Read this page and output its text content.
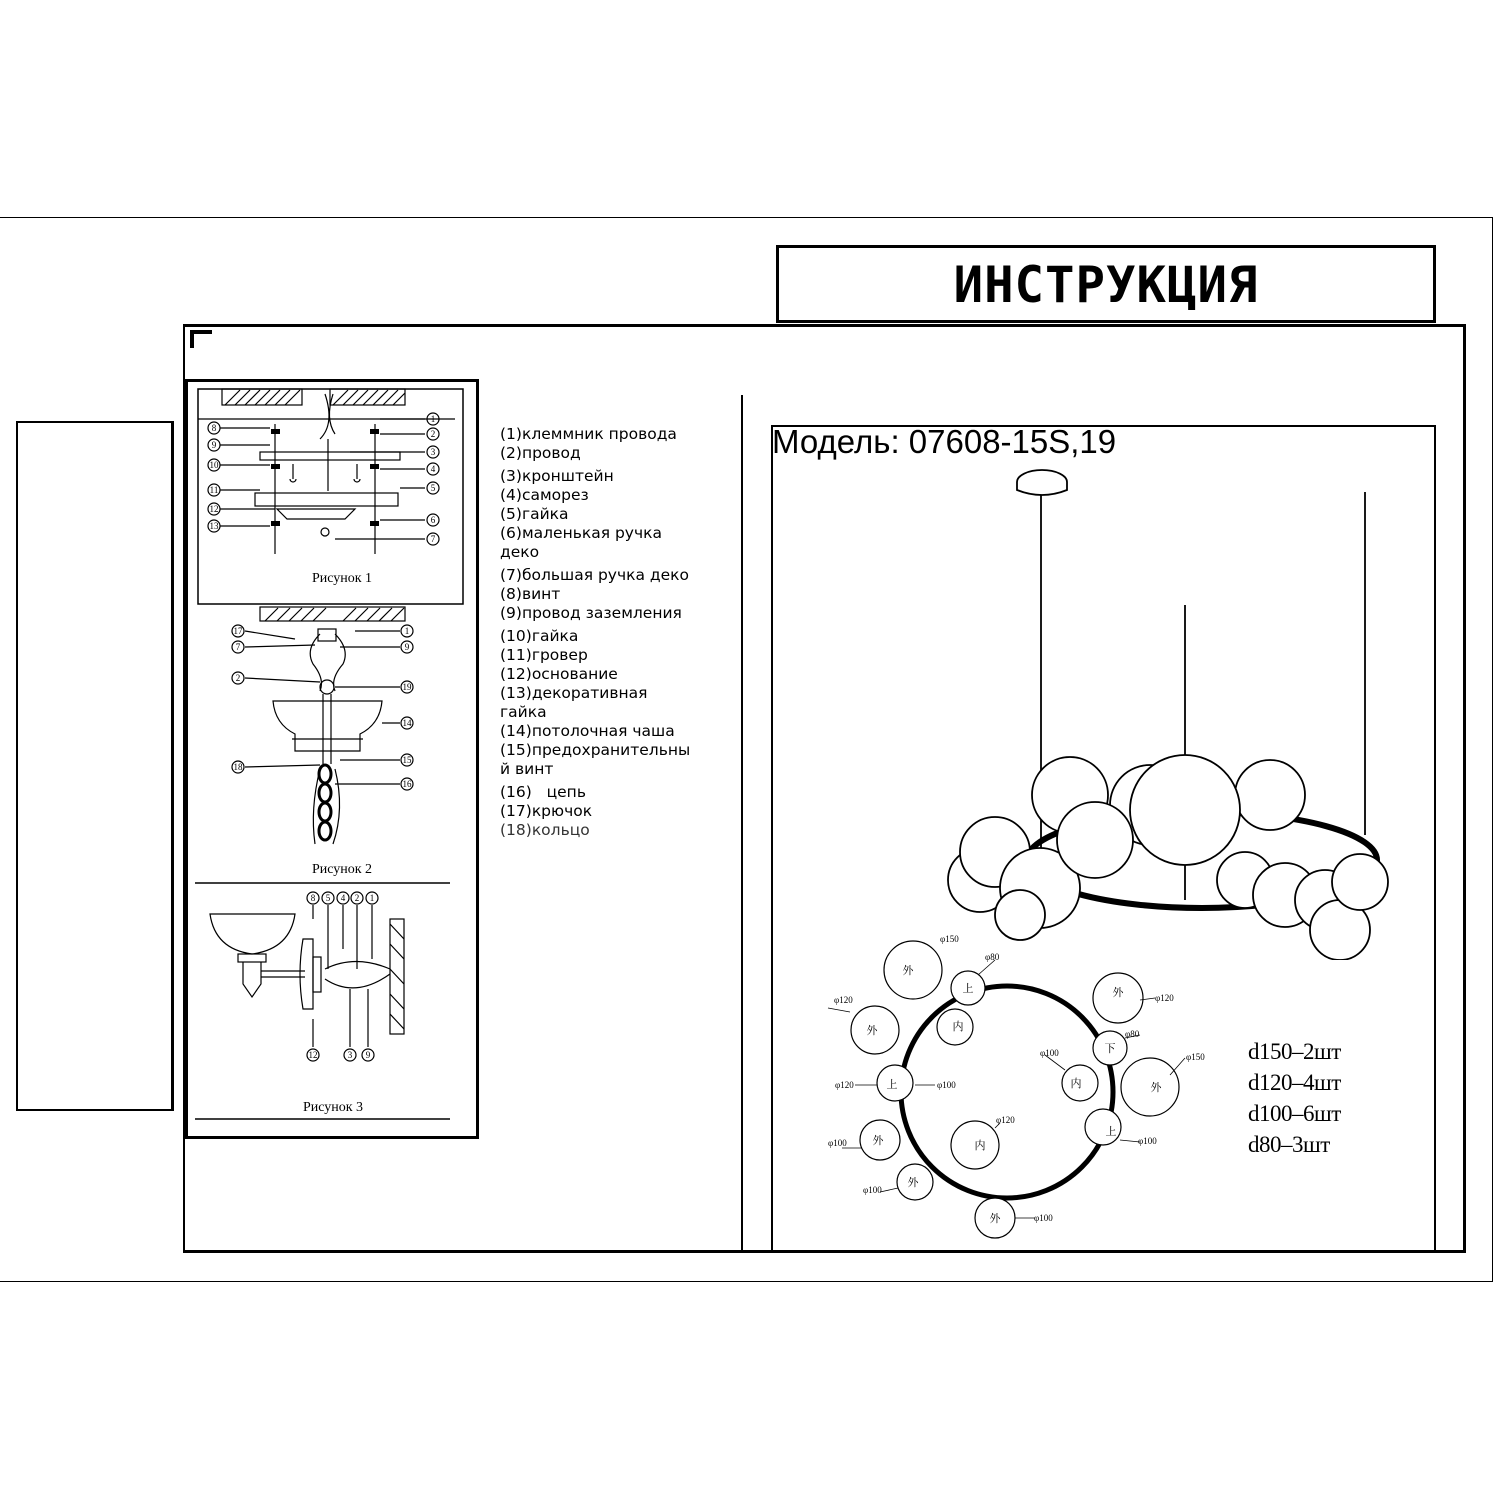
ИНСТРУКЦИЯ
8
9
10
11
12
13
1
2
3
4
5
6
7
Рисунок 1
17
7
2
18
1
9
19
14
15
16
Рисунок 2
8 5 4 2 1
12	3 9
Рисунок 3
(1)клеммник провода
(2)провод
(3)кронштейн
(4)саморез
(5)гайка
(6)маленькая ручка
деко
(7)большая ручка деко
(8)винт
(9)провод заземления
(10)гайка
(11)гровер
(12)основание
(13)декоративная
гайка
(14)потолочная чаша
(15)предохранительны
й винт
(16)   цепь
(17)крючок
(18)кольцо
Модель: 07608-15S,19
外
上
外	内
外
下
上	内	外
内
上
外
外
外
φ150
φ80
φ120	φ120
φ80
φ150
φ100
φ120	φ100
φ120
φ100
φ100
φ100
φ100
d150–2шт
d120–4шт
d100–6шт
d80–3шт
